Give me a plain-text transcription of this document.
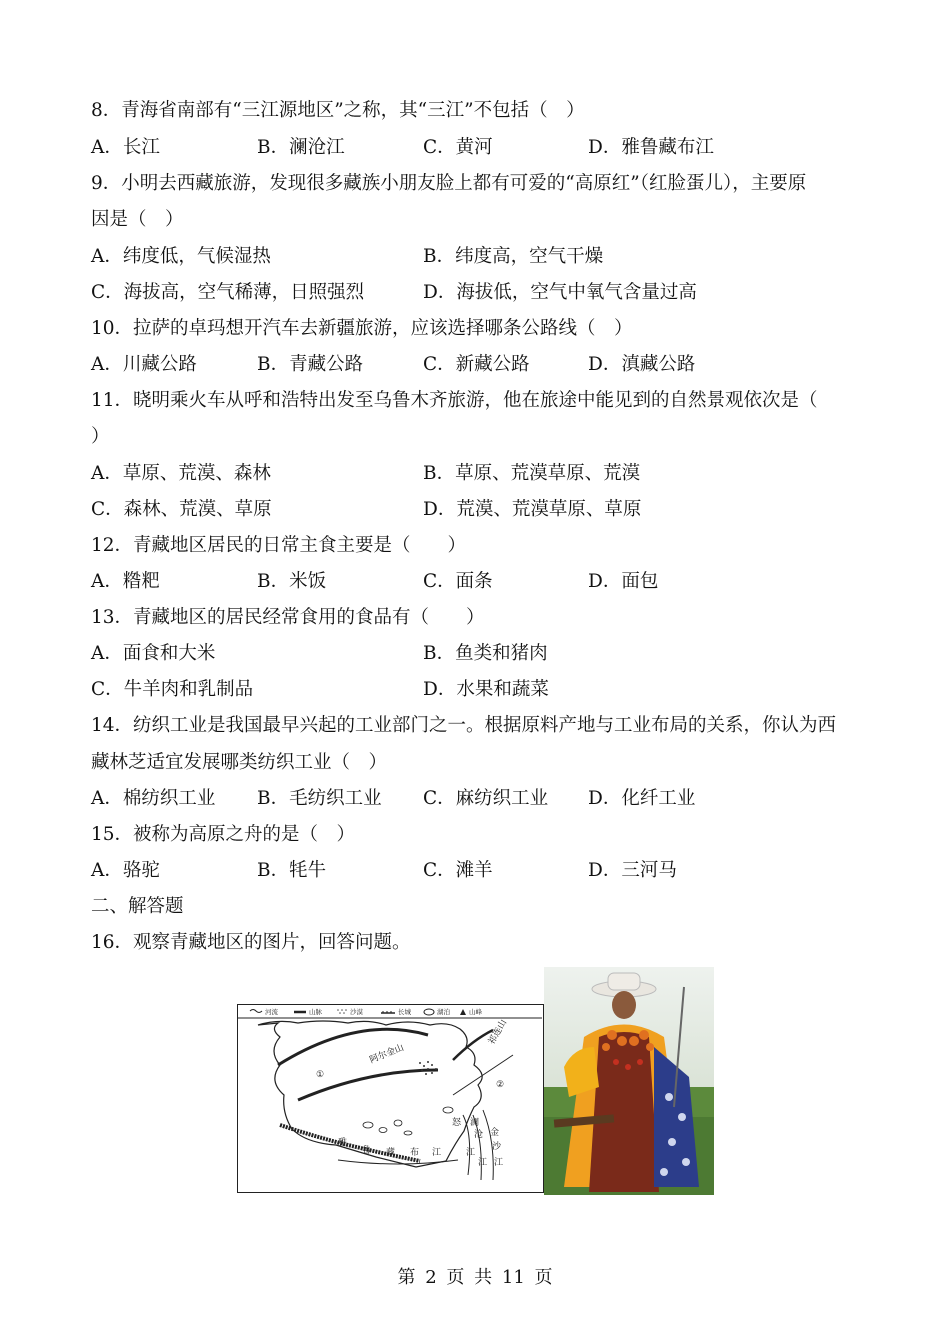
8．青海省南部有“三江源地区”之称，其“三江”不包括（　）
A．长江	B．澜沧江	C．黄河	D．雅鲁藏布江
9．小明去西藏旅游，发现很多藏族小朋友脸上都有可爱的“高原红”（红脸蛋儿），主要原
因是（　）
A．纬度低，气候湿热	B．纬度高，空气干燥
C．海拔高，空气稀薄，日照强烈	D．海拔低，空气中氧气含量过高
10．拉萨的卓玛想开汽车去新疆旅游，应该选择哪条公路线（　）
A．川藏公路	B．青藏公路	C．新藏公路	D．滇藏公路
11．晓明乘火车从呼和浩特出发至乌鲁木齐旅游，他在旅途中能见到的自然景观依次是（
）
A．草原、荒漠、森林	B．草原、荒漠草原、荒漠
C．森林、荒漠、草原	D．荒漠、荒漠草原、草原
12．青藏地区居民的日常主食主要是（　　）
A．糌粑	B．米饭	C．面条	D．面包
13．青藏地区的居民经常食用的食品有（　　）
A．面食和大米	B．鱼类和猪肉
C．牛羊肉和乳制品	D．水果和蔬菜
14．纺织工业是我国最早兴起的工业部门之一。根据原料产地与工业布局的关系，你认为西
藏林芝适宜发展哪类纺织工业（　）
A．棉纺织工业 B．毛纺织工业 C．麻纺织工业 D．化纤工业
15．被称为高原之舟的是（　）
A．骆驼	B．牦牛	C．滩羊	D．三河马
二、解答题
16．观察青藏地区的图片，回答问题。
河流	山脉	沙漠	长城	湖泊	山峰
阿尔金山
祁连山
①
②
雅
鲁 藏 布 江
怒
江
澜
沧
江
金
沙
江
第 2 页 共 11 页
